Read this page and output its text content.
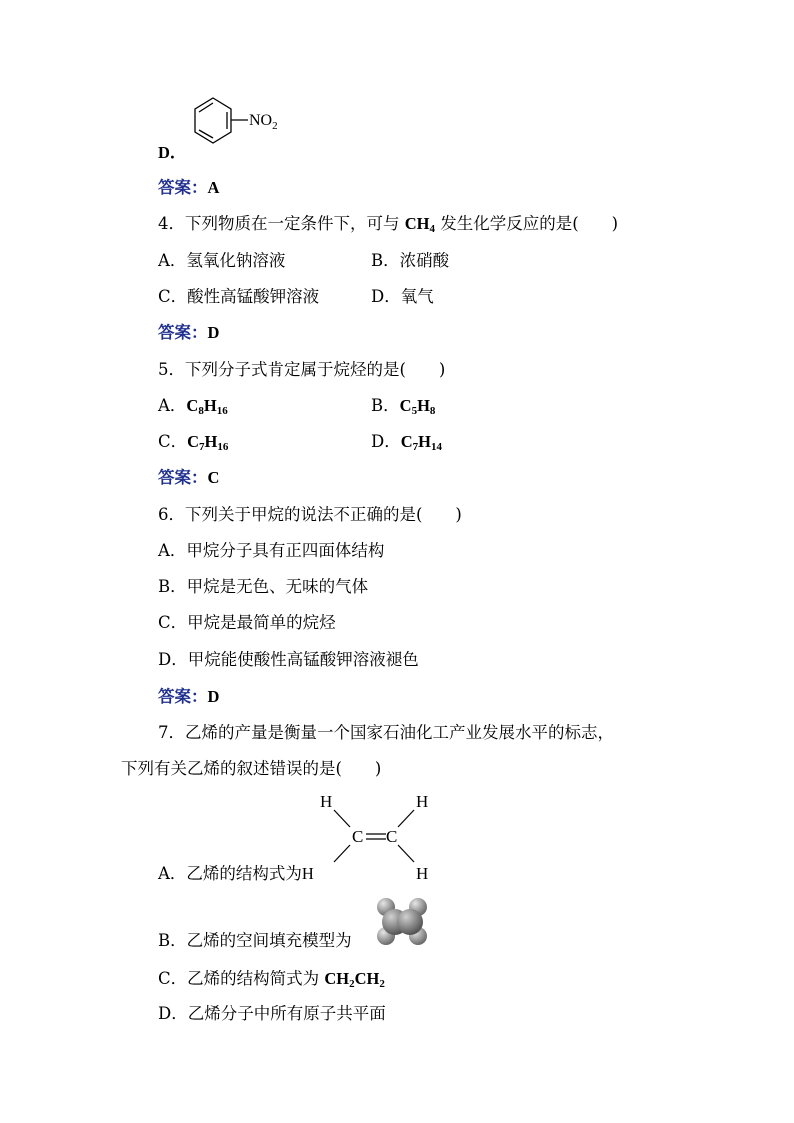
$NO_2$
D．
答案：A
4．下列物质在一定条件下，可与 $CH_4$ 发生化学反应的是(　　)
A．氢氧化钠溶液	B．浓硝酸
C．酸性高锰酸钾溶液	D．氧气
答案：D
5．下列分子式肯定属于烷烃的是(　　)
A．$C_8H_{16}$	B．$C_5H_8$
C．$C_7H_{16}$	D．$C_7H_{14}$
答案：C
6．下列关于甲烷的说法不正确的是(　　)
A．甲烷分子具有正四面体结构
B．甲烷是无色、无味的气体
C．甲烷是最简单的烷烃
D．甲烷能使酸性高锰酸钾溶液褪色
答案：D
7．乙烯的产量是衡量一个国家石油化工产业发展水平的标志，
下列有关乙烯的叙述错误的是(　　)
H	H
C C
H
A．乙烯的结构式为H
B．乙烯的空间填充模型为
C．乙烯的结构简式为 $CH_2CH_2$
D．乙烯分子中所有原子共平面
